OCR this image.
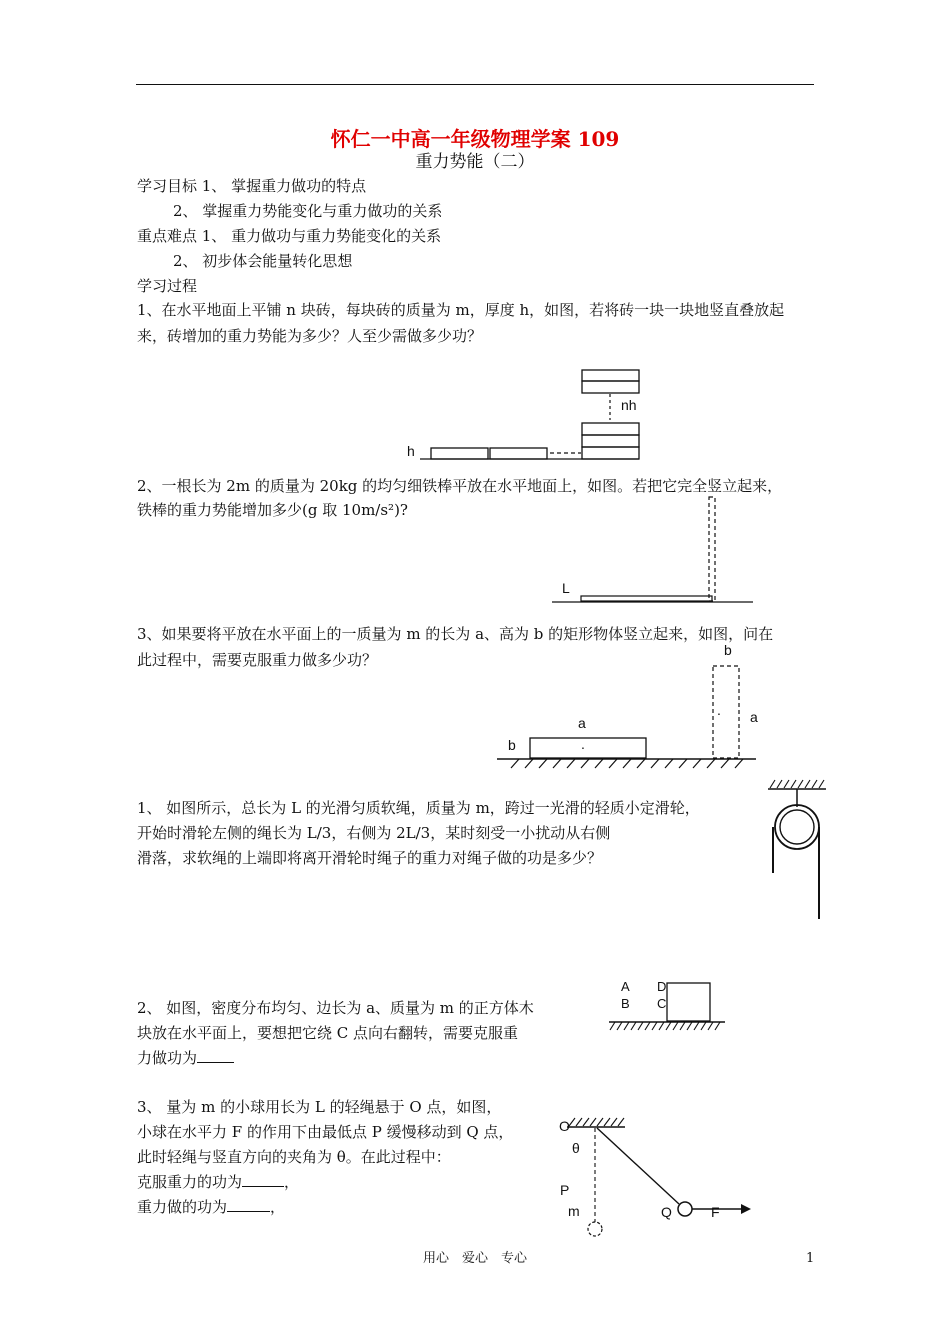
怀仁一中高一年级物理学案 109
重力势能（二）
学习目标 1、 掌握重力做功的特点
2、 掌握重力势能变化与重力做功的关系
重点难点 1、 重力做功与重力势能变化的关系
2、 初步体会能量转化思想
学习过程
1、在水平地面上平铺 n 块砖，每块砖的质量为 m，厚度 h，如图，若将砖一块一块地竖直叠放起
来，砖增加的重力势能为多少？人至少需做多少功？
nh
h
2、一根长为 2m 的质量为 20kg 的均匀细铁棒平放在水平地面上，如图。若把它完全竖立起来，
铁棒的重力势能增加多少(g 取 10m/s²)?
L
3、如果要将平放在水平面上的一质量为 m 的长为 a、高为 b 的矩形物体竖立起来，如图，问在
此过程中，需要克服重力做多少功？
b
. a
a
.
b
1、 如图所示，总长为 L 的光滑匀质软绳，质量为 m，跨过一光滑的轻质小定滑轮，
开始时滑轮左侧的绳长为 L/3，右侧为 2L/3，某时刻受一小扰动从右侧
滑落，求软绳的上端即将离开滑轮时绳子的重力对绳子做的功是多少？
2、 如图，密度分布均匀、边长为 a、质量为 m 的正方体木
块放在水平面上，要想把它绕 C 点向右翻转，需要克服重
力做功为
A D
B C
3、 量为 m 的小球用长为 L 的轻绳悬于 O 点，如图，
小球在水平力 F 的作用下由最低点 P 缓慢移动到 Q 点，
此时轻绳与竖直方向的夹角为 θ。在此过程中：
克服重力的功为	，
重力做的功为	，
O
θ
P
m	Q	F
用心　爱心　专心	1
